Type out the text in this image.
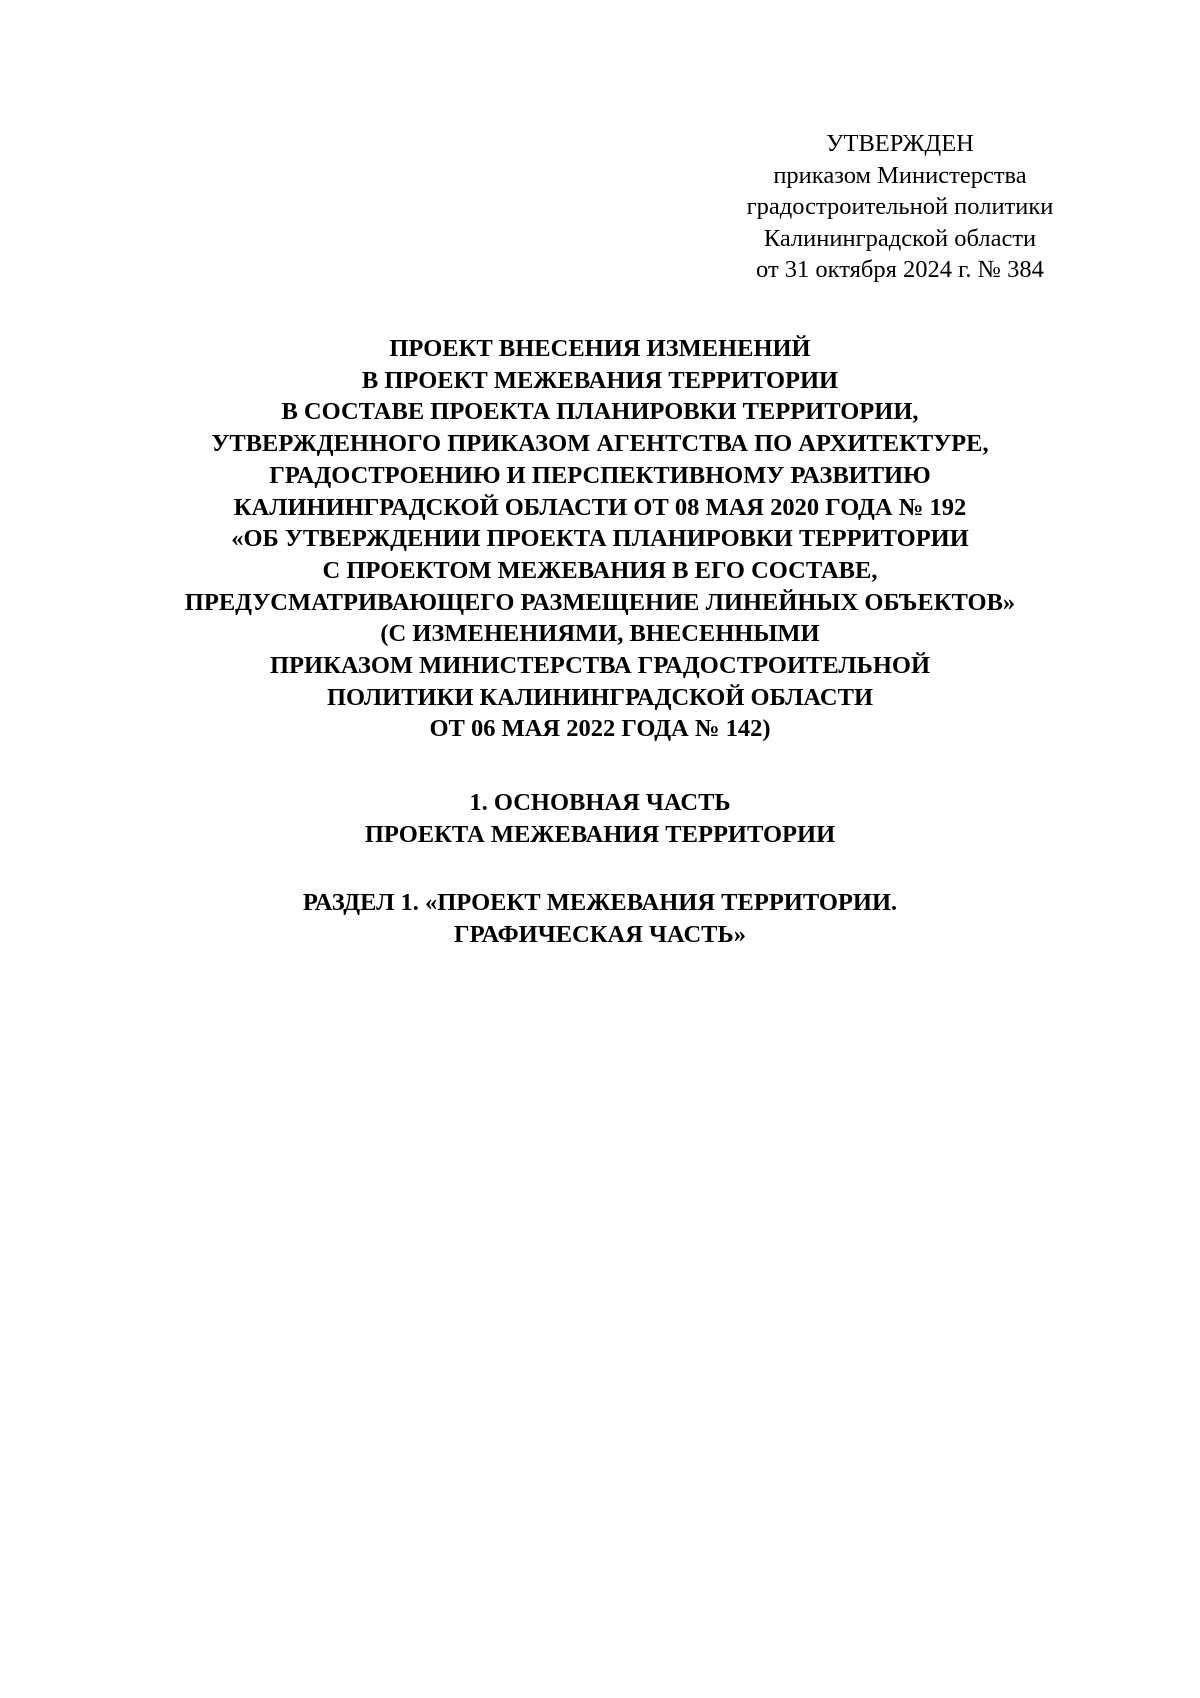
УТВЕРЖДЕН
приказом Министерства
градостроительной политики
Калининградской области
от 31 октября 2024 г. № 384
ПРОЕКТ ВНЕСЕНИЯ ИЗМЕНЕНИЙ
В ПРОЕКТ МЕЖЕВАНИЯ ТЕРРИТОРИИ
В СОСТАВЕ ПРОЕКТА ПЛАНИРОВКИ ТЕРРИТОРИИ,
УТВЕРЖДЕННОГО ПРИКАЗОМ АГЕНТСТВА ПО АРХИТЕКТУРЕ,
ГРАДОСТРОЕНИЮ И ПЕРСПЕКТИВНОМУ РАЗВИТИЮ
КАЛИНИНГРАДСКОЙ ОБЛАСТИ ОТ 08 МАЯ 2020 ГОДА № 192
«ОБ УТВЕРЖДЕНИИ ПРОЕКТА ПЛАНИРОВКИ ТЕРРИТОРИИ
С ПРОЕКТОМ МЕЖЕВАНИЯ В ЕГО СОСТАВЕ,
ПРЕДУСМАТРИВАЮЩЕГО РАЗМЕЩЕНИЕ ЛИНЕЙНЫХ ОБЪЕКТОВ»
(С ИЗМЕНЕНИЯМИ, ВНЕСЕННЫМИ
ПРИКАЗОМ МИНИСТЕРСТВА ГРАДОСТРОИТЕЛЬНОЙ
ПОЛИТИКИ КАЛИНИНГРАДСКОЙ ОБЛАСТИ
ОТ 06 МАЯ 2022 ГОДА № 142)
1. ОСНОВНАЯ ЧАСТЬ
ПРОЕКТА МЕЖЕВАНИЯ ТЕРРИТОРИИ
РАЗДЕЛ 1. «ПРОЕКТ МЕЖЕВАНИЯ ТЕРРИТОРИИ.
ГРАФИЧЕСКАЯ ЧАСТЬ»
